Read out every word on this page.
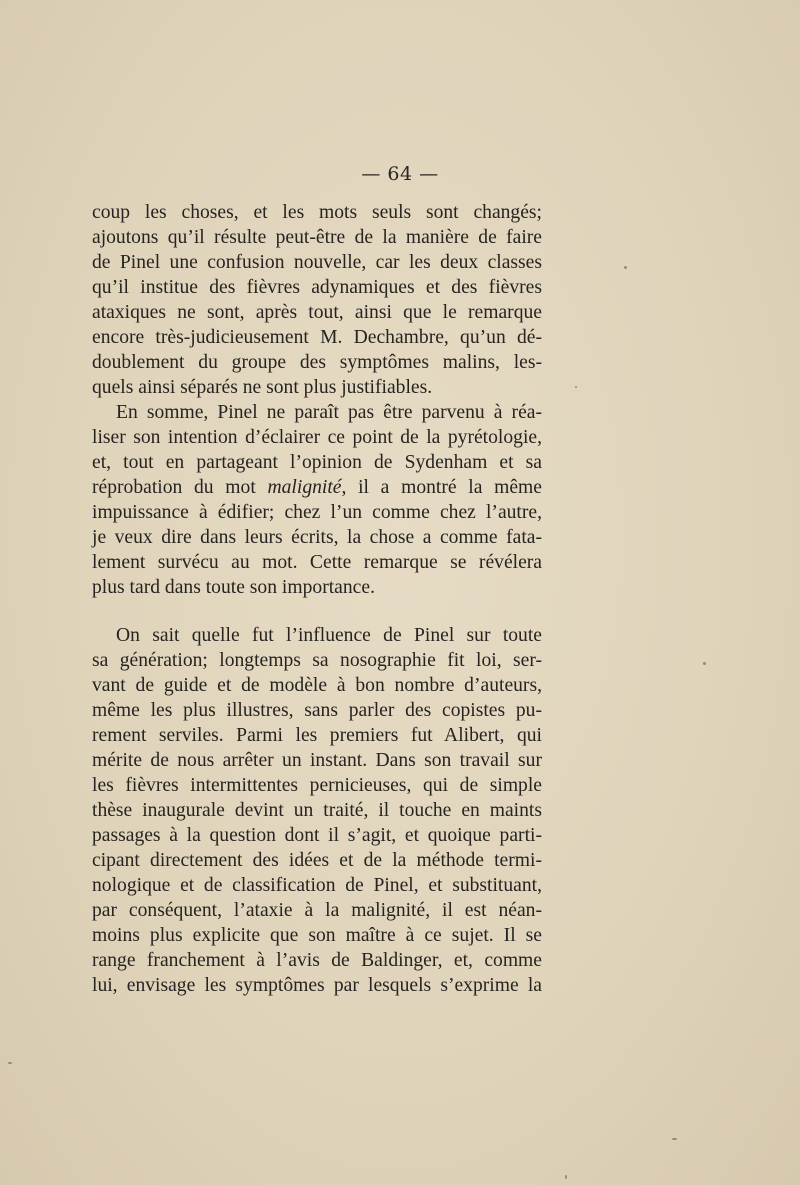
— 64 —

coup les choses, et les mots seuls sont changés;
ajoutons qu’il résulte peut-être de la manière de faire
de Pinel une confusion nouvelle, car les deux classes
qu’il institue des fièvres adynamiques et des fièvres
ataxiques ne sont, après tout, ainsi que le remarque
encore très-judicieusement M. Dechambre, qu’un dé-
doublement du groupe des symptômes malins, les-
quels ainsi séparés ne sont plus justifiables.

En somme, Pinel ne paraît pas être parvenu à réa-
liser son intention d’éclairer ce point de la pyrétologie,
et, tout en partageant l’opinion de Sydenham et sa
réprobation du mot malignité, il a montré la même
impuissance à édifier; chez l’un comme chez l’autre,
je veux dire dans leurs écrits, la chose a comme fata-
lement survécu au mot. Cette remarque se révélera
plus tard dans toute son importance.

On sait quelle fut l’influence de Pinel sur toute
sa génération; longtemps sa nosographie fit loi, ser-
vant de guide et de modèle à bon nombre d’auteurs,
même les plus illustres, sans parler des copistes pu-
rement serviles. Parmi les premiers fut Alibert, qui
mérite de nous arrêter un instant. Dans son travail sur
les fièvres intermittentes pernicieuses, qui de simple
thèse inaugurale devint un traité, il touche en maints
passages à la question dont il s’agit, et quoique parti-
cipant directement des idées et de la méthode termi-
nologique et de classification de Pinel, et substituant,
par conséquent, l’ataxie à la malignité, il est néan-
moins plus explicite que son maître à ce sujet. Il se
range franchement à l’avis de Baldinger, et, comme
lui, envisage les symptômes par lesquels s’exprime la
